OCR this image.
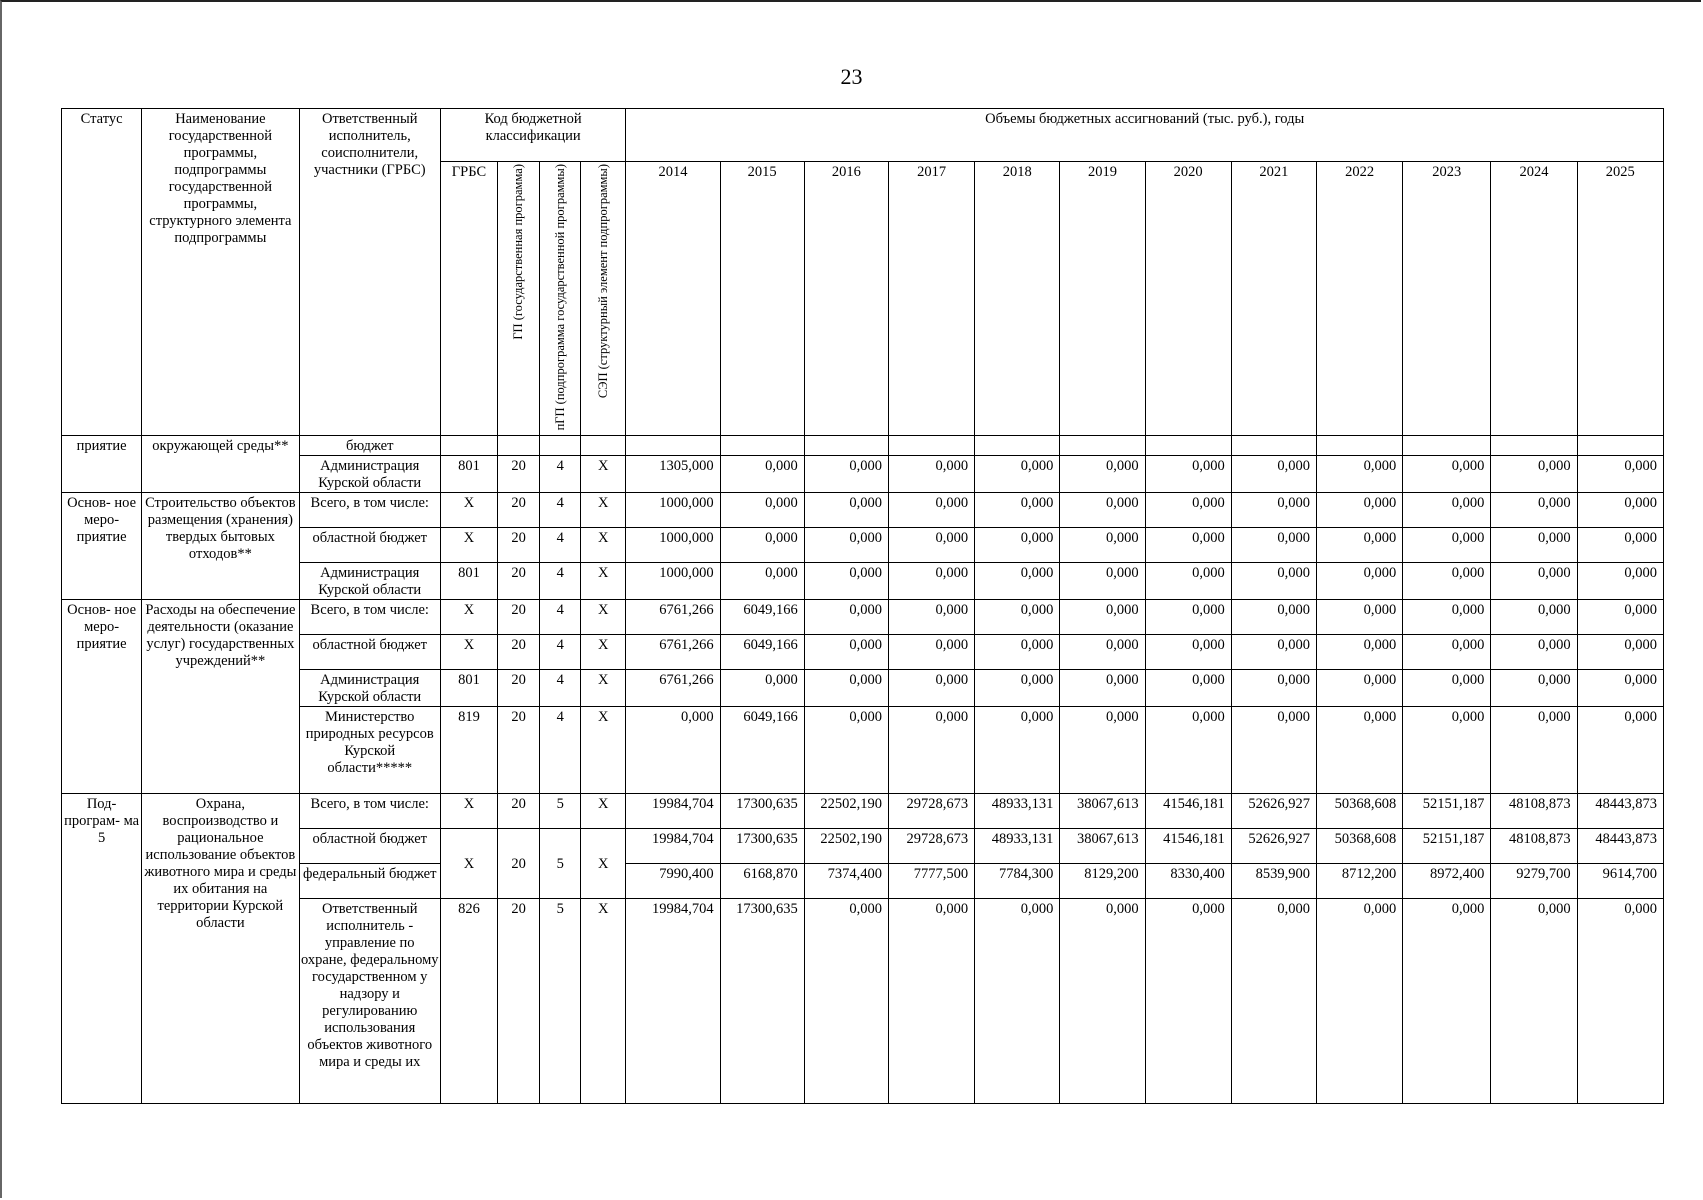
23
Статус	Наименование государственной программы, подпрограммы государственной программы, структурного элемента подпрограммы	Ответственный исполнитель, соисполнители, участники (ГРБС)	Код бюджетной классификации				Объемы бюджетных ассигнований (тыс. руб.), годы											
			ГРБС	ГП (государственная программа)	пГП (подпрограмма государственной программы)	СЭП (структурный элемент подпрограммы)	2014	2015	2016	2017	2018	2019	2020	2021	2022	2023	2024	2025
приятие	окружающей среды**	бюджет																
		Администрация Курской области	801	20	4	Х	1305,000	0,000	0,000	0,000	0,000	0,000	0,000	0,000	0,000	0,000	0,000	0,000
Основ- ное меро- приятие	Строительство объектов размещения (хранения) твердых бытовых отходов**	Всего, в том числе:	Х	20	4	Х	1000,000	0,000	0,000	0,000	0,000	0,000	0,000	0,000	0,000	0,000	0,000	0,000
		областной бюджет	Х	20	4	Х	1000,000	0,000	0,000	0,000	0,000	0,000	0,000	0,000	0,000	0,000	0,000	0,000
		Администрация Курской области	801	20	4	Х	1000,000	0,000	0,000	0,000	0,000	0,000	0,000	0,000	0,000	0,000	0,000	0,000
Основ- ное меро- приятие	Расходы на обеспечение деятельности (оказание услуг) государственных учреждений**	Всего, в том числе:	Х	20	4	Х	6761,266	6049,166	0,000	0,000	0,000	0,000	0,000	0,000	0,000	0,000	0,000	0,000
		областной бюджет	Х	20	4	Х	6761,266	6049,166	0,000	0,000	0,000	0,000	0,000	0,000	0,000	0,000	0,000	0,000
		Администрация Курской области	801	20	4	Х	6761,266	0,000	0,000	0,000	0,000	0,000	0,000	0,000	0,000	0,000	0,000	0,000
		Министерство природных ресурсов Курской области*****	819	20	4	Х	0,000	6049,166	0,000	0,000	0,000	0,000	0,000	0,000	0,000	0,000	0,000	0,000
Под- програм- ма 5	Охрана, воспроизводство и рациональное использование объектов животного мира и среды их обитания на территории Курской области	Всего, в том числе:	Х	20	5	Х	19984,704	17300,635	22502,190	29728,673	48933,131	38067,613	41546,181	52626,927	50368,608	52151,187	48108,873	48443,873
		областной бюджет	Х	20	5	Х	19984,704	17300,635	22502,190	29728,673	48933,131	38067,613	41546,181	52626,927	50368,608	52151,187	48108,873	48443,873
		федеральный бюджет					7990,400	6168,870	7374,400	7777,500	7784,300	8129,200	8330,400	8539,900	8712,200	8972,400	9279,700	9614,700
		Ответственный исполнитель - управление по охране, федеральному государственном у надзору и регулированию использования объектов животного мира и среды их	826	20	5	Х	19984,704	17300,635	0,000	0,000	0,000	0,000	0,000	0,000	0,000	0,000	0,000	0,000
